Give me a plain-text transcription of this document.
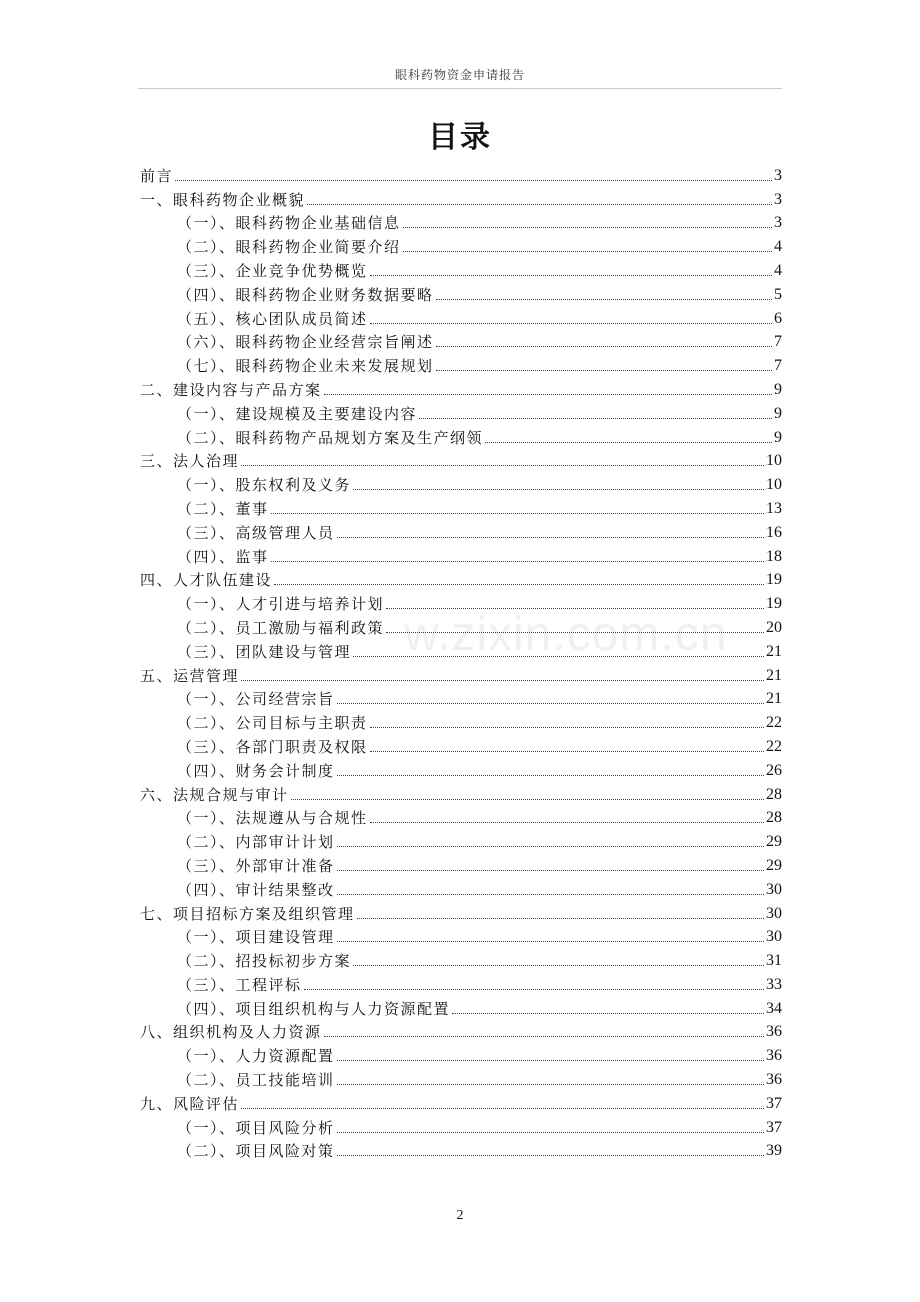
眼科药物资金申请报告
目录
w.zixin.com.cn
前言	3
一、眼科药物企业概貌	3
（一）、眼科药物企业基础信息	3
（二）、眼科药物企业简要介绍	4
（三）、企业竞争优势概览	4
（四）、眼科药物企业财务数据要略	5
（五）、核心团队成员简述	6
（六）、眼科药物企业经营宗旨阐述	7
（七）、眼科药物企业未来发展规划	7
二、建设内容与产品方案	9
（一）、建设规模及主要建设内容	9
（二）、眼科药物产品规划方案及生产纲领	9
三、法人治理	10
（一）、股东权利及义务	10
（二）、董事	13
（三）、高级管理人员	16
（四）、监事	18
四、人才队伍建设	19
（一）、人才引进与培养计划	19
（二）、员工激励与福利政策	20
（三）、团队建设与管理	21
五、运营管理	21
（一）、公司经营宗旨	21
（二）、公司目标与主职责	22
（三）、各部门职责及权限	22
（四）、财务会计制度	26
六、法规合规与审计	28
（一）、法规遵从与合规性	28
（二）、内部审计计划	29
（三）、外部审计准备	29
（四）、审计结果整改	30
七、项目招标方案及组织管理	30
（一）、项目建设管理	30
（二）、招投标初步方案	31
（三）、工程评标	33
（四）、项目组织机构与人力资源配置	34
八、组织机构及人力资源	36
（一）、人力资源配置	36
（二）、员工技能培训	36
九、风险评估	37
（一）、项目风险分析	37
（二）、项目风险对策	39
2
